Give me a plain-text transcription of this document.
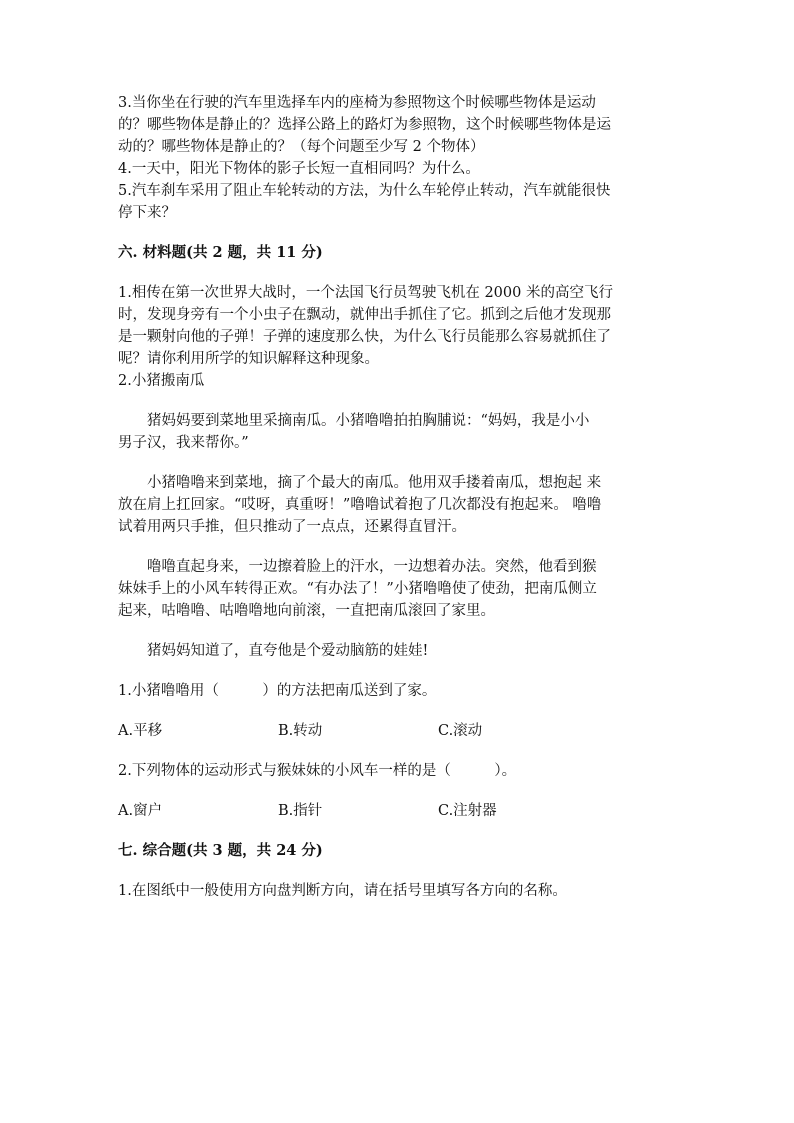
3.当你坐在行驶的汽车里选择车内的座椅为参照物这个时候哪些物体是运动

的？哪些物体是静止的？选择公路上的路灯为参照物，这个时候哪些物体是运

动的？哪些物体是静止的？（每个问题至少写 2 个物体）

4.一天中，阳光下物体的影子长短一直相同吗？为什么。

5.汽车刹车采用了阻止车轮转动的方法，为什么车轮停止转动，汽车就能很快

停下来？

六. 材料题(共 2 题，共 11 分)

1.相传在第一次世界大战时，一个法国飞行员驾驶飞机在 2000 米的高空飞行

时，发现身旁有一个小虫子在飘动，就伸出手抓住了它。抓到之后他才发现那

是一颗射向他的子弹！子弹的速度那么快，为什么飞行员能那么容易就抓住了

呢？请你利用所学的知识解释这种现象。

2.小猪搬南瓜

猪妈妈要到菜地里采摘南瓜。小猪噜噜拍拍胸脯说：“妈妈，我是小小

男子汉，我来帮你。”

小猪噜噜来到菜地，摘了个最大的南瓜。他用双手搂着南瓜，想抱起 来

放在肩上扛回家。“哎呀，真重呀！”噜噜试着抱了几次都没有抱起来。 噜噜

试着用两只手推，但只推动了一点点，还累得直冒汗。

噜噜直起身来，一边擦着脸上的汗水，一边想着办法。突然，他看到猴

妹妹手上的小风车转得正欢。“有办法了！”小猪噜噜使了使劲，把南瓜侧立

起来，咕噜噜、咕噜噜地向前滚，一直把南瓜滚回了家里。

猪妈妈知道了，直夸他是个爱动脑筋的娃娃!

1.小猪噜噜用（　　　）的方法把南瓜送到了家。

A.平移	B.转动	C.滚动

2.下列物体的运动形式与猴妹妹的小风车一样的是（　　　）。

A.窗户	B.指针	C.注射器

七. 综合题(共 3 题，共 24 分)

1.在图纸中一般使用方向盘判断方向，请在括号里填写各方向的名称。
